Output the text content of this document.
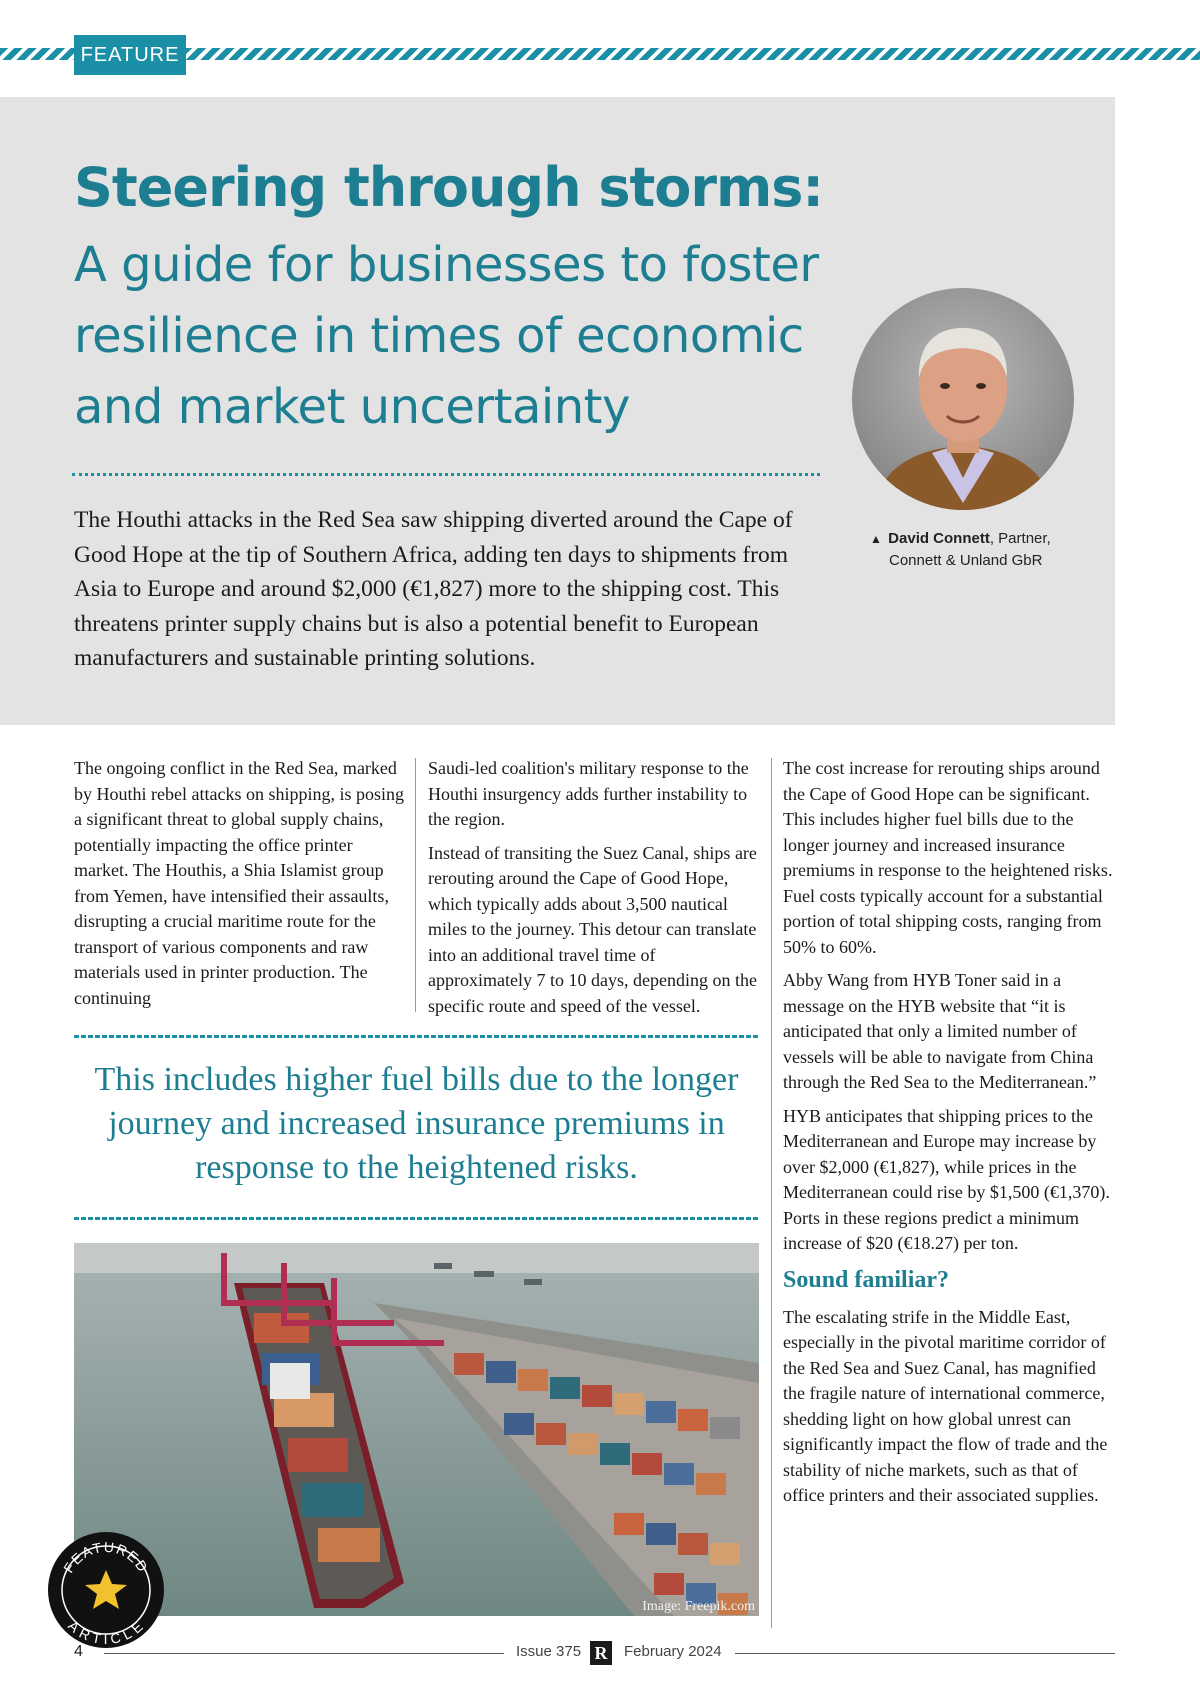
FEATURE
Steering through storms:
A guide for businesses to foster
resilience in times of economic
and market uncertainty

The Houthi attacks in the Red Sea saw shipping diverted around the Cape of Good Hope at the tip of Southern Africa, adding ten days to shipments from Asia to Europe and around $2,000 (€1,827) more to the shipping cost. This threatens printer supply chains but is also a potential benefit to European manufacturers and sustainable printing solutions.

▲ David Connett, Partner,
Connett & Unland GbR

The ongoing conflict in the Red Sea, marked by Houthi rebel attacks on shipping, is posing a significant threat to global supply chains, potentially impacting the office printer market. The Houthis, a Shia Islamist group from Yemen, have intensified their assaults, disrupting a crucial maritime route for the transport of various components and raw materials used in printer production. The continuing

Saudi-led coalition's military response to the Houthi insurgency adds further instability to the region.

Instead of transiting the Suez Canal, ships are rerouting around the Cape of Good Hope, which typically adds about 3,500 nautical miles to the journey. This detour can translate into an additional travel time of approximately 7 to 10 days, depending on the specific route and speed of the vessel.

The cost increase for rerouting ships around the Cape of Good Hope can be significant. This includes higher fuel bills due to the longer journey and increased insurance premiums in response to the heightened risks. Fuel costs typically account for a substantial portion of total shipping costs, ranging from 50% to 60%.

Abby Wang from HYB Toner said in a message on the HYB website that “it is anticipated that only a limited number of vessels will be able to navigate from China through the Red Sea to the Mediterranean.”

HYB anticipates that shipping prices to the Mediterranean and Europe may increase by over $2,000 (€1,827), while prices in the Mediterranean could rise by $1,500 (€1,370). Ports in these regions predict a minimum increase of $20 (€18.27) per ton.

Sound familiar?

The escalating strife in the Middle East, especially in the pivotal maritime corridor of the Red Sea and Suez Canal, has magnified the fragile nature of international commerce, shedding light on how global unrest can significantly impact the flow of trade and the stability of niche markets, such as that of office printers and their associated supplies.

This includes higher fuel bills due to the longer journey and increased insurance premiums in response to the heightened risks.
Image: Freepik.com
FEATURED
ARTICLE
4	Issue 375 R	February 2024
